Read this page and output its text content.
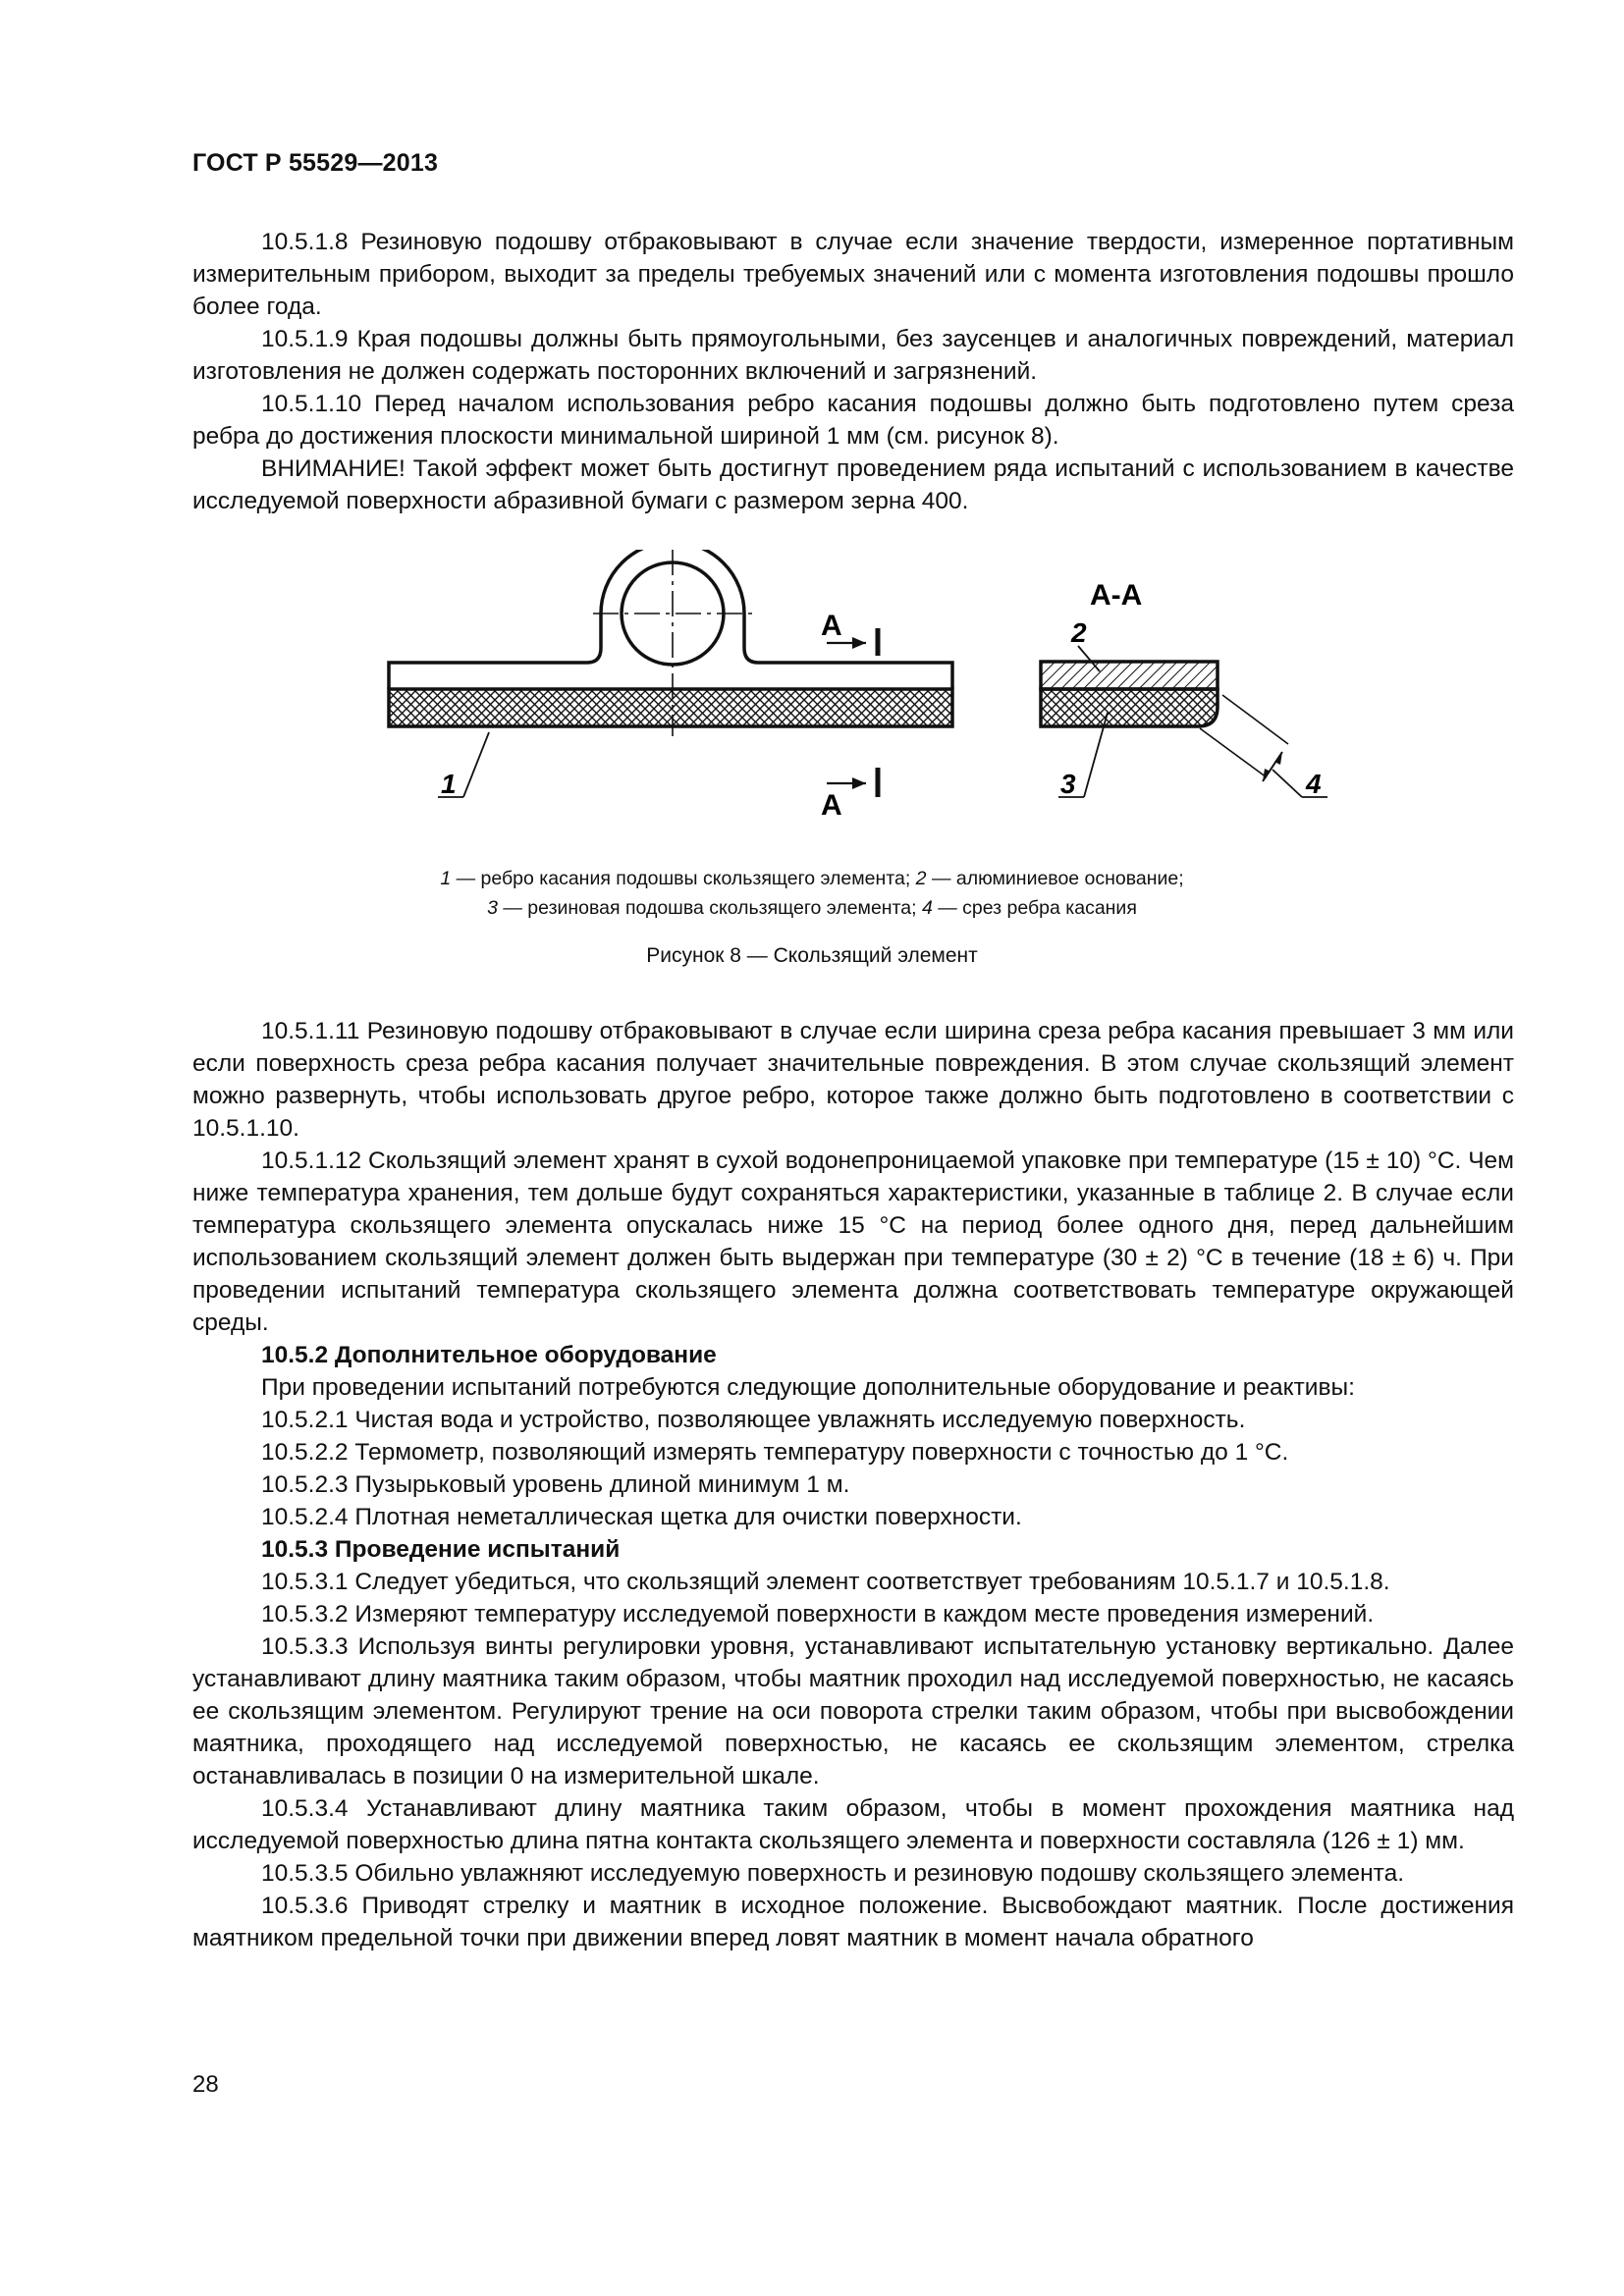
ГОСТ Р 55529—2013

10.5.1.8 Резиновую подошву отбраковывают в случае если значение твердости, измеренное портативным измерительным прибором, выходит за пределы требуемых значений или с момента изготовления подошвы прошло более года.

10.5.1.9 Края подошвы должны быть прямоугольными, без заусенцев и аналогичных повреждений, материал изготовления не должен содержать посторонних включений и загрязнений.

10.5.1.10 Перед началом использования ребро касания подошвы должно быть подготовлено путем среза ребра до достижения плоскости минимальной шириной 1 мм (см. рисунок 8).

ВНИМАНИЕ! Такой эффект может быть достигнут проведением ряда испытаний с использованием в качестве исследуемой поверхности абразивной бумаги с размером зерна 400.

А
А
1
А-А
2
3	4
1 — ребро касания подошвы скользящего элемента; 2 — алюминиевое основание;
3 — резиновая подошва скользящего элемента; 4 — срез ребра касания
Рисунок 8 — Скользящий элемент

10.5.1.11 Резиновую подошву отбраковывают в случае если ширина среза ребра касания превышает 3 мм или если поверхность среза ребра касания получает значительные повреждения. В этом случае скользящий элемент можно развернуть, чтобы использовать другое ребро, которое также должно быть подготовлено в соответствии с 10.5.1.10.

10.5.1.12 Скользящий элемент хранят в сухой водонепроницаемой упаковке при температуре (15 ± 10) °С. Чем ниже температура хранения, тем дольше будут сохраняться характеристики, указанные в таблице 2. В случае если температура скользящего элемента опускалась ниже 15 °С на период более одного дня, перед дальнейшим использованием скользящий элемент должен быть выдержан при температуре (30 ± 2) °С в течение (18 ± 6) ч. При проведении испытаний температура скользящего элемента должна соответствовать температуре окружающей среды.

10.5.2 Дополнительное оборудование

При проведении испытаний потребуются следующие дополнительные оборудование и реактивы:

10.5.2.1 Чистая вода и устройство, позволяющее увлажнять исследуемую поверхность.

10.5.2.2 Термометр, позволяющий измерять температуру поверхности с точностью до 1 °С.

10.5.2.3 Пузырьковый уровень длиной минимум 1 м.

10.5.2.4 Плотная неметаллическая щетка для очистки поверхности.

10.5.3 Проведение испытаний

10.5.3.1 Следует убедиться, что скользящий элемент соответствует требованиям 10.5.1.7 и 10.5.1.8.

10.5.3.2 Измеряют температуру исследуемой поверхности в каждом месте проведения измерений.

10.5.3.3 Используя винты регулировки уровня, устанавливают испытательную установку вертикально. Далее устанавливают длину маятника таким образом, чтобы маятник проходил над исследуемой поверхностью, не касаясь ее скользящим элементом. Регулируют трение на оси поворота стрелки таким образом, чтобы при высвобождении маятника, проходящего над исследуемой поверхностью, не касаясь ее скользящим элементом, стрелка останавливалась в позиции 0 на измерительной шкале.

10.5.3.4 Устанавливают длину маятника таким образом, чтобы в момент прохождения маятника над исследуемой поверхностью длина пятна контакта скользящего элемента и поверхности составляла (126 ± 1) мм.

10.5.3.5 Обильно увлажняют исследуемую поверхность и резиновую подошву скользящего элемента.

10.5.3.6 Приводят стрелку и маятник в исходное положение. Высвобождают маятник. После достижения маятником предельной точки при движении вперед ловят маятник в момент начала обратного

28
